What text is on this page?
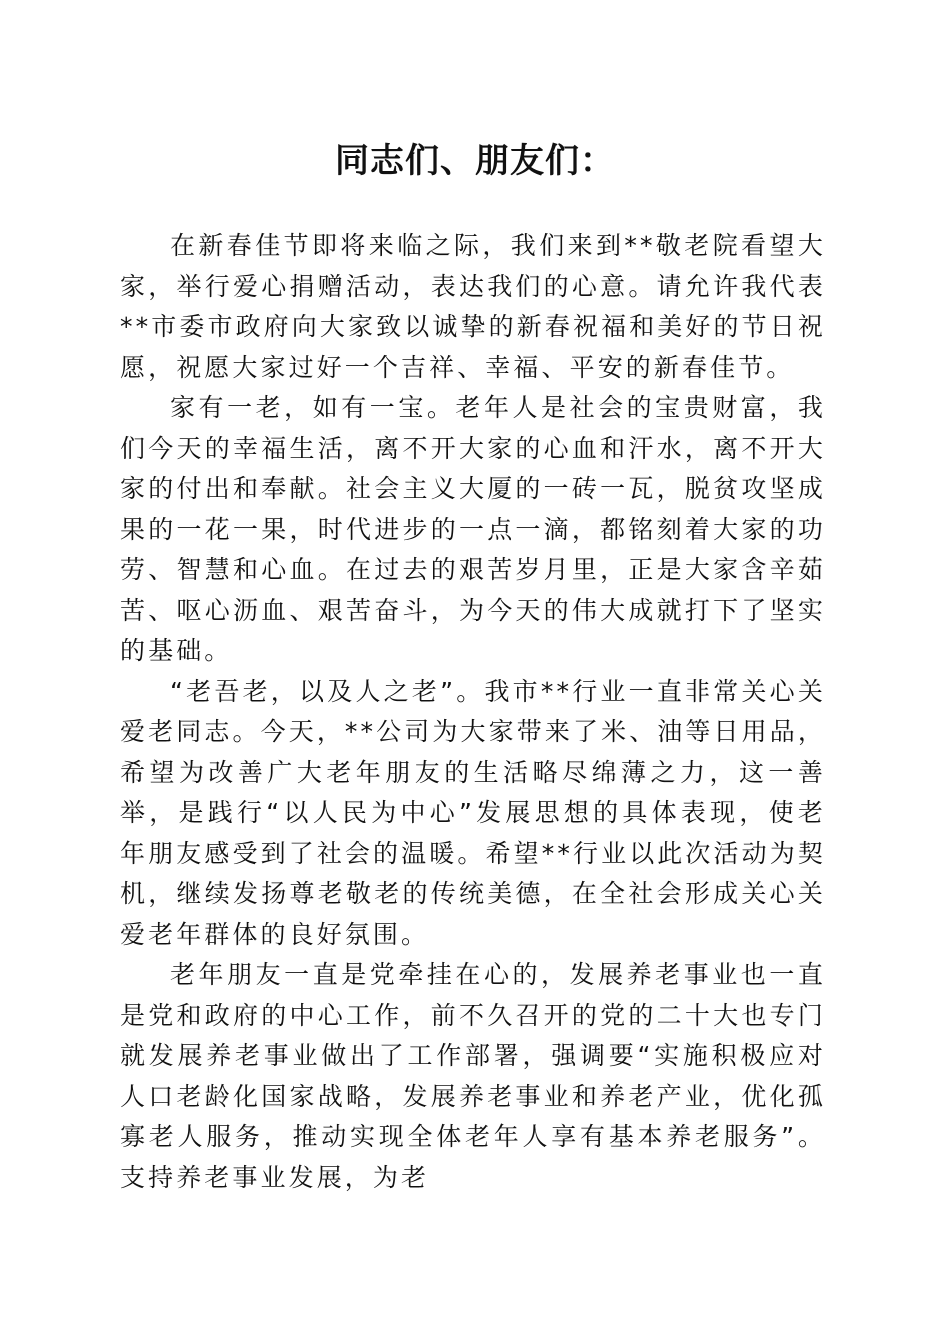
同志们、朋友们：

在新春佳节即将来临之际，我们来到**敬老院看望大家，举行爱心捐赠活动，表达我们的心意。请允许我代表**市委市政府向大家致以诚挚的新春祝福和美好的节日祝愿，祝愿大家过好一个吉祥、幸福、平安的新春佳节。

家有一老，如有一宝。老年人是社会的宝贵财富，我们今天的幸福生活，离不开大家的心血和汗水，离不开大家的付出和奉献。社会主义大厦的一砖一瓦，脱贫攻坚成果的一花一果，时代进步的一点一滴，都铭刻着大家的功劳、智慧和心血。在过去的艰苦岁月里，正是大家含辛茹苦、呕心沥血、艰苦奋斗，为今天的伟大成就打下了坚实的基础。

“老吾老，以及人之老”。我市**行业一直非常关心关爱老同志。今天，**公司为大家带来了米、油等日用品，希望为改善广大老年朋友的生活略尽绵薄之力，这一善举，是践行“以人民为中心”发展思想的具体表现，使老年朋友感受到了社会的温暖。希望**行业以此次活动为契机，继续发扬尊老敬老的传统美德，在全社会形成关心关爱老年群体的良好氛围。

老年朋友一直是党牵挂在心的，发展养老事业也一直是党和政府的中心工作，前不久召开的党的二十大也专门就发展养老事业做出了工作部署，强调要“实施积极应对人口老龄化国家战略，发展养老事业和养老产业，优化孤寡老人服务，推动实现全体老年人享有基本养老服务”。支持养老事业发展，为老
